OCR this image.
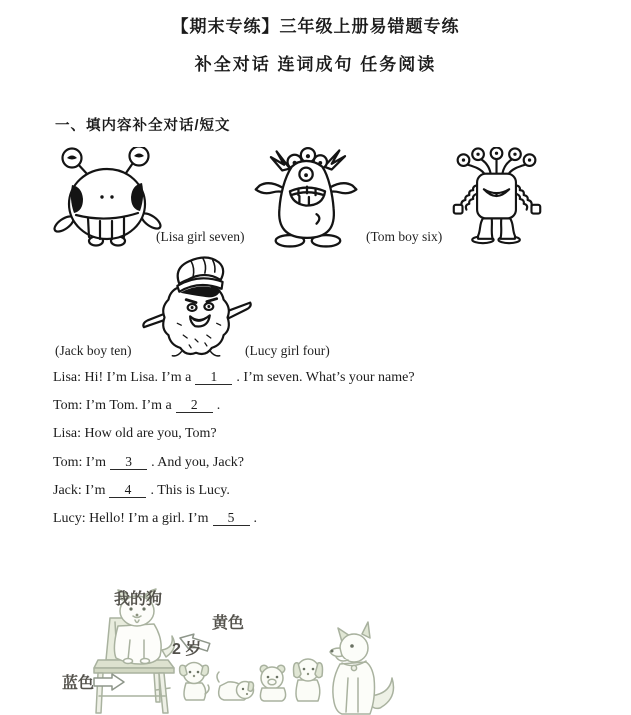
【期末专练】三年级上册易错题专练
补全对话 连词成句 任务阅读
一、填内容补全对话/短文
(Lisa girl seven)	(Tom boy six)
(Jack boy ten)	(Lucy girl four)
Lisa: Hi! I’m Lisa. I’m a 1 . I’m seven. What’s your name?
Tom: I’m Tom. I’m a 2 .
Lisa: How old are you, Tom?
Tom: I’m 3 . And you, Jack?
Jack: I’m 4 . This is Lucy.
Lucy: Hello! I’m a girl. I’m 5 .
我的狗
黄色
2 岁
蓝色
